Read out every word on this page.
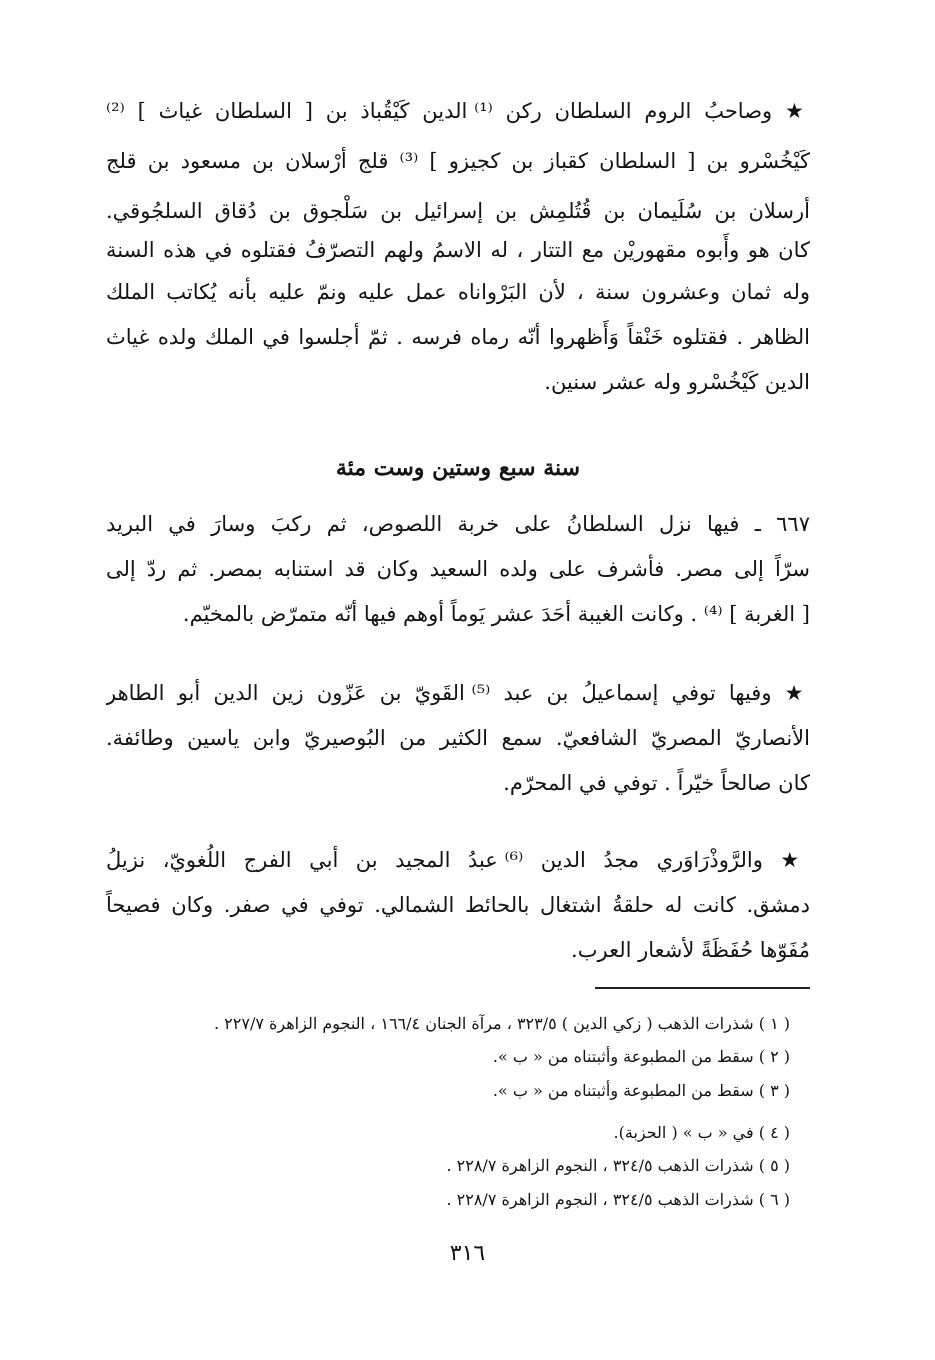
★ وصاحبُ الروم السلطان ركن ⁽¹⁾ الدين كَيْقُباذ بن [ السلطان غياث ] ⁽²⁾
كَيْخُسْرو بن [ السلطان كقباز بن كجيزو ] ⁽³⁾ قلج أرْسلان بن مسعود بن قلج
أرسلان بن سُلَيمان بن قُتُلمِش بن إسرائيل بن سَلْجوق بن دُقاق السلجُوقي.
كان هو وأَبوه مقهوريْن مع التتار ، له الاسمُ ولهم التصرّفُ فقتلوه في هذه السنة
وله ثمان وعشرون سنة ، لأن البَرْواناه عمل عليه ونمّ عليه بأنه يُكاتب الملك
الظاهر . فقتلوه خَنْقاً وَأَظهروا أنّه رماه فرسه . ثمّ أجلسوا في الملك ولده غياث
الدين كَيْخُسْرو وله عشر سنين.
سنة سبع وستين وست مئة
٦٦٧ ـ فيها نزل السلطانُ على خربة اللصوص، ثم ركبَ وسارَ في البريد
سرّاً إلى مصر. فأشرف على ولده السعيد وكان قد استنابه بمصر. ثم ردّ إلى
[ الغربة ] ⁽⁴⁾ . وكانت الغيبة أحَدَ عشر يَوماً أوهم فيها أنّه متمرّض بالمخيّم.
★ وفيها توفي إسماعيلُ بن عبد ⁽⁵⁾ القَويّ بن عَزّون زين الدين أبو الطاهر
الأنصاريّ المصريّ الشافعيّ. سمع الكثير من البُوصيريّ وابن ياسين وطائفة.
كان صالحاً خيّراً . توفي في المحرّم.
★ والرَّوذْرَاوَري مجدُ الدين ⁽⁶⁾ عبدُ المجيد بن أبي الفرج اللُغويّ، نزيلُ
دمشق. كانت له حلقةُ اشتغال بالحائط الشمالي. توفي في صفر. وكان فصيحاً
مُفَوّها حُفَظَةً لأشعار العرب.
( ١ ) شذرات الذهب ( زكي الدين ) ٣٢٣/٥ ، مرآة الجنان ١٦٦/٤ ، النجوم الزاهرة ٢٢٧/٧ .
( ٢ ) سقط من المطبوعة وأثبتناه من « ب ».
( ٣ ) سقط من المطبوعة وأثبتناه من « ب ».
( ٤ ) في « ب » ( الحزبة).
( ٥ ) شذرات الذهب ٣٢٤/٥ ، النجوم الزاهرة ٢٢٨/٧ .
( ٦ ) شذرات الذهب ٣٢٤/٥ ، النجوم الزاهرة ٢٢٨/٧ .
٣١٦
